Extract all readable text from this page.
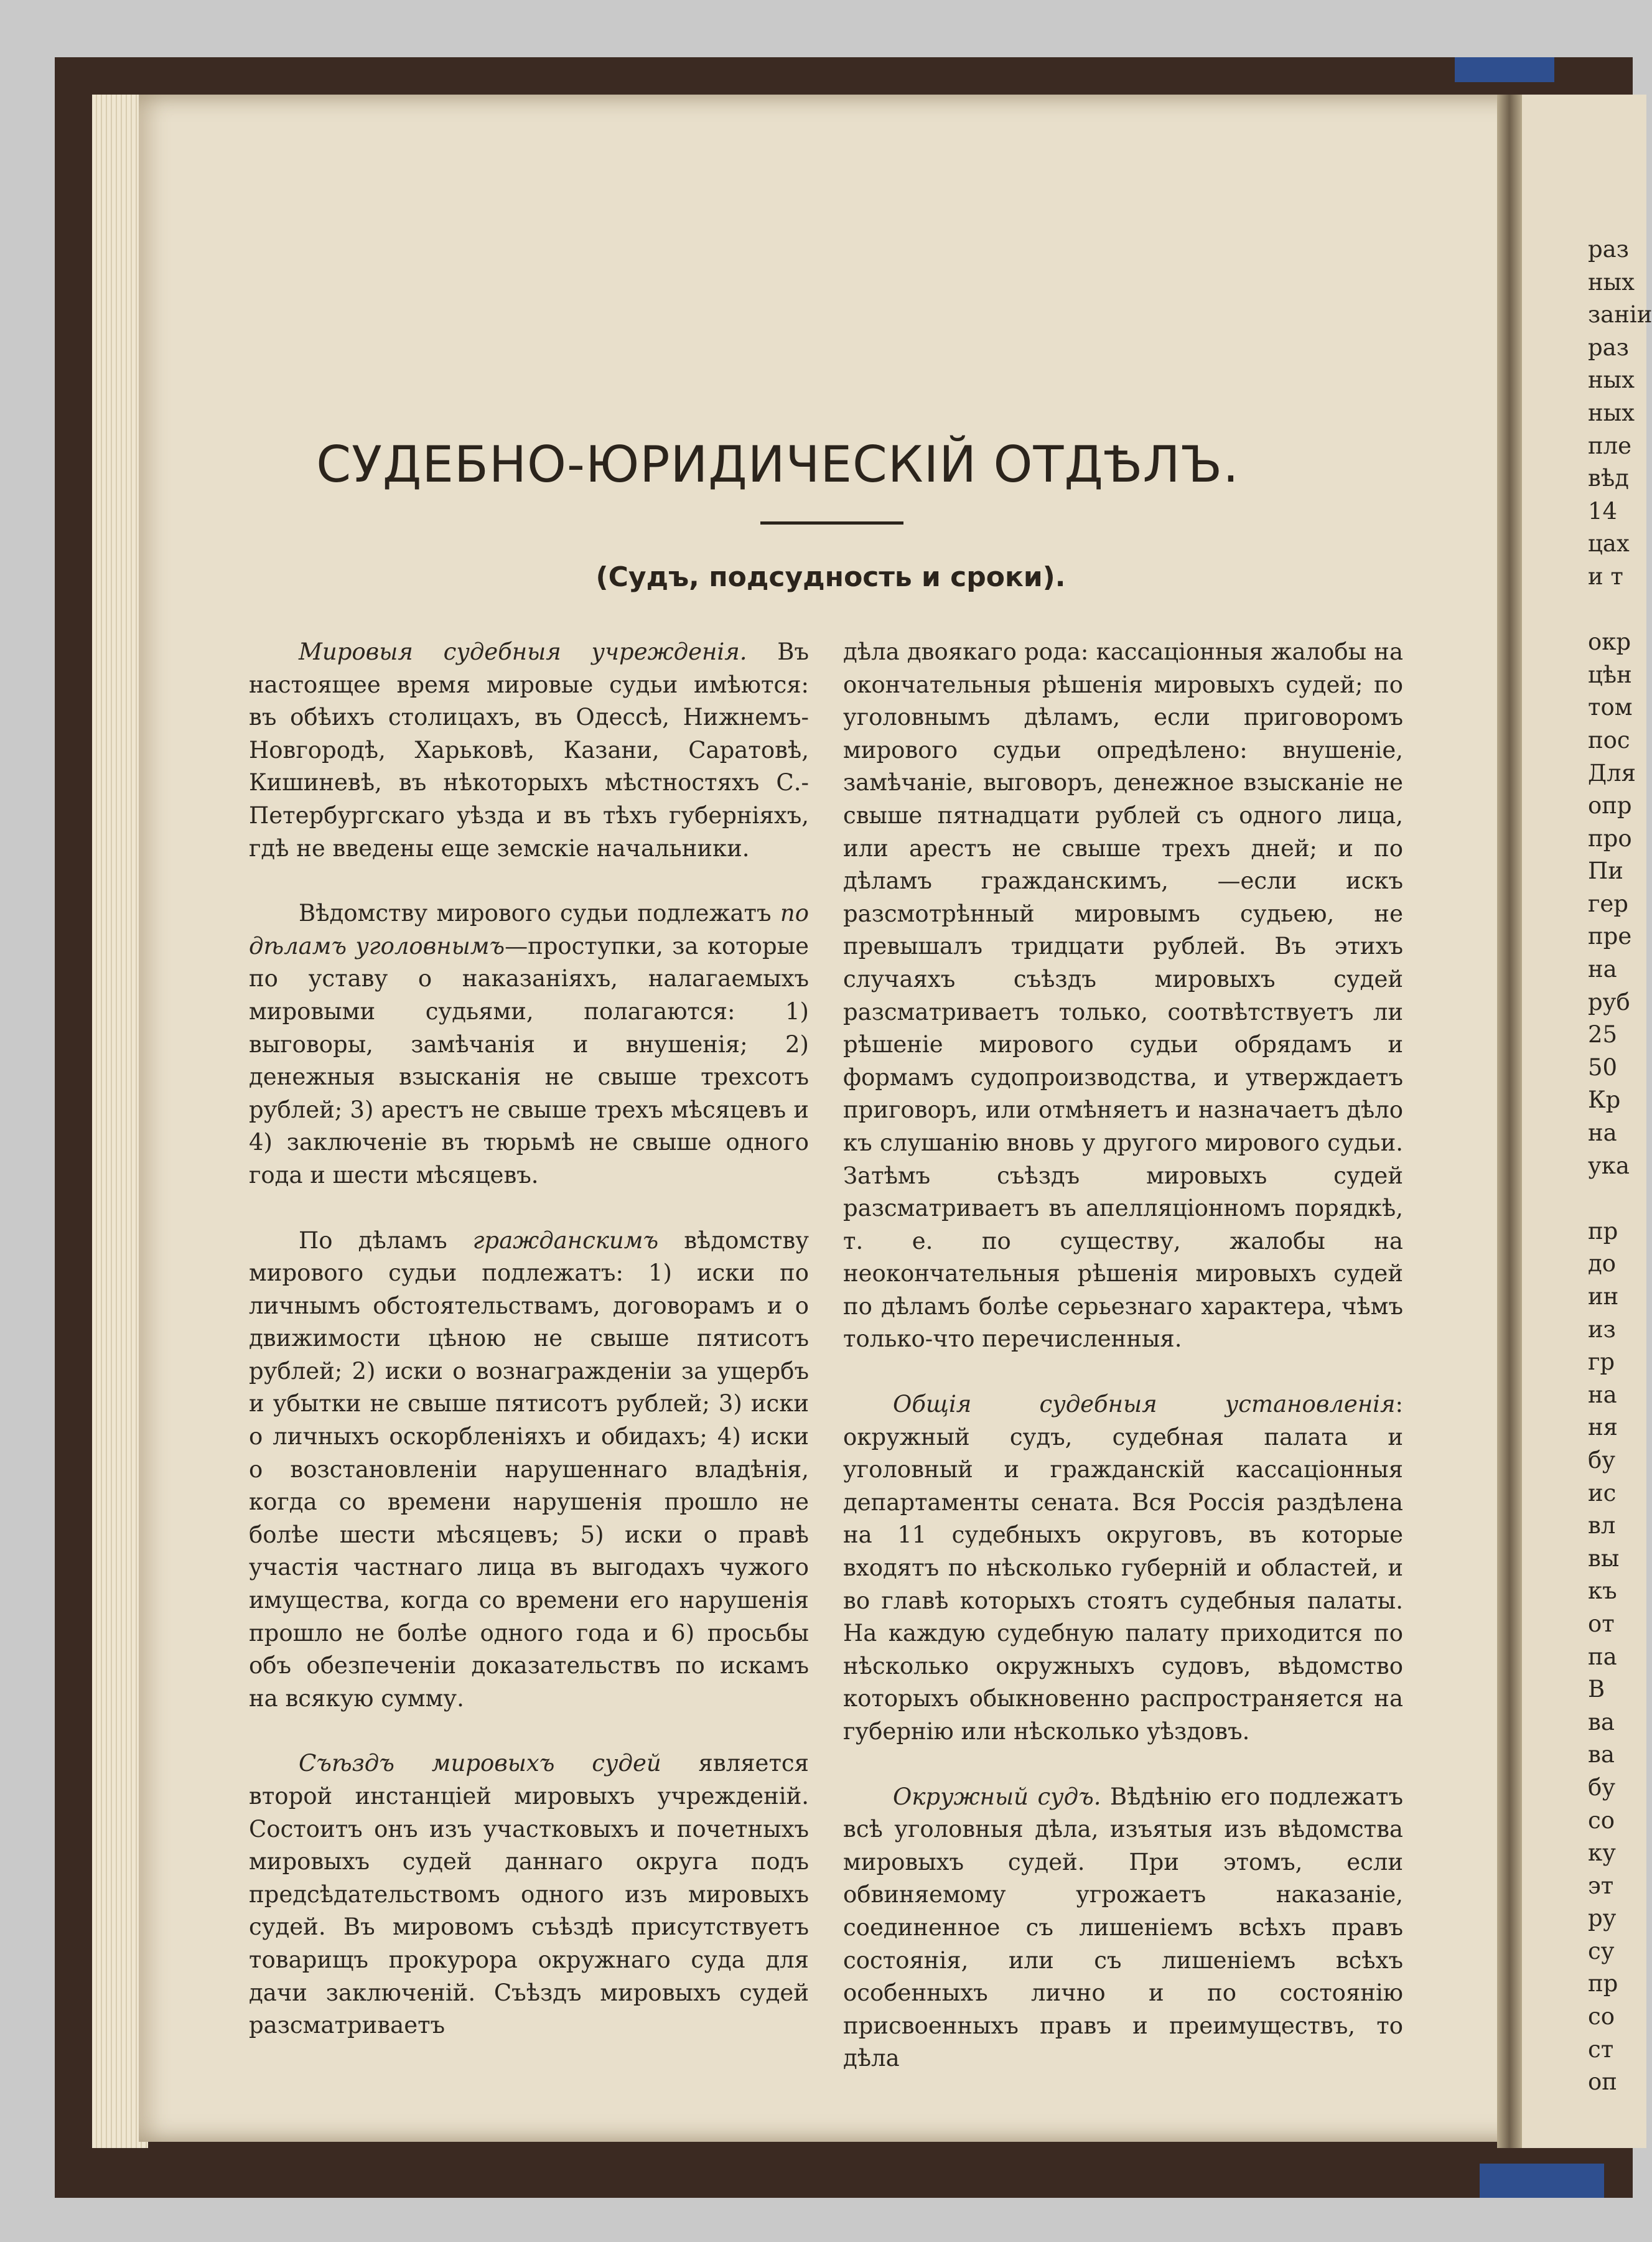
СУДЕБНО-ЮРИДИЧЕСКІЙ ОТДѢЛЪ.
(Судъ, подсудность и сроки).

Мировыя судебныя учрежденія. Въ настоящее время мировые судьи имѣются: въ обѣихъ столицахъ, въ Одессѣ, Нижнемъ-Новгородѣ, Харьковѣ, Казани, Саратовѣ, Кишиневѣ, въ нѣкоторыхъ мѣстностяхъ С.-Петербургскаго уѣзда и въ тѣхъ губерніяхъ, гдѣ не введены еще земскіе начальники.

Вѣдомству мирового судьи подлежатъ по дѣламъ уголовнымъ—проступки, за которые по уставу о наказаніяхъ, налагаемыхъ мировыми судьями, полагаются: 1) выговоры, замѣчанія и внушенія; 2) денежныя взысканія не свыше трехсотъ рублей; 3) арестъ не свыше трехъ мѣсяцевъ и 4) заключеніе въ тюрьмѣ не свыше одного года и шести мѣсяцевъ.

По дѣламъ гражданскимъ вѣдомству мирового судьи подлежатъ: 1) иски по личнымъ обстоятельствамъ, договорамъ и о движимости цѣною не свыше пятисотъ рублей; 2) иски о вознагражденіи за ущербъ и убытки не свыше пятисотъ рублей; 3) иски о личныхъ оскорбленіяхъ и обидахъ; 4) иски о возстановленіи нарушеннаго владѣнія, когда со времени нарушенія прошло не болѣе шести мѣсяцевъ; 5) иски о правѣ участія частнаго лица въ выгодахъ чужого имущества, когда со времени его нарушенія прошло не болѣе одного года и 6) просьбы объ обезпеченіи доказательствъ по искамъ на всякую сумму.

Съѣздъ мировыхъ судей является второй инстанціей мировыхъ учрежденій. Состоитъ онъ изъ участковыхъ и почетныхъ мировыхъ судей даннаго округа подъ предсѣдательствомъ одного изъ мировыхъ судей. Въ мировомъ съѣздѣ присутствуетъ товарищъ прокурора окружнаго суда для дачи заключеній. Съѣздъ мировыхъ судей разсматриваетъ

дѣла двоякаго рода: кассаціонныя жалобы на окончательныя рѣшенія мировыхъ судей; по уголовнымъ дѣламъ, если приговоромъ мирового судьи опредѣлено: внушеніе, замѣчаніе, выговоръ, денежное взысканіе не свыше пятнадцати рублей съ одного лица, или арестъ не свыше трехъ дней; и по дѣламъ гражданскимъ, —если искъ разсмотрѣнный мировымъ судьею, не превышалъ тридцати рублей. Въ этихъ случаяхъ съѣздъ мировыхъ судей разсматриваетъ только, соотвѣтствуетъ ли рѣшеніе мирового судьи обрядамъ и формамъ судопроизводства, и утверждаетъ приговоръ, или отмѣняетъ и назначаетъ дѣло къ слушанію вновь у другого мирового судьи. Затѣмъ съѣздъ мировыхъ судей разсматриваетъ въ апелляціонномъ порядкѣ, т. е. по существу, жалобы на неокончательныя рѣшенія мировыхъ судей по дѣламъ болѣе серьезнаго характера, чѣмъ только-что перечисленныя.

Общія судебныя установленія: окружный судъ, судебная палата и уголовный и гражданскій кассаціонныя департаменты сената. Вся Россія раздѣлена на 11 судебныхъ округовъ, въ которые входятъ по нѣсколько губерній и областей, и во главѣ которыхъ стоятъ судебныя палаты. На каждую судебную палату приходится по нѣсколько окружныхъ судовъ, вѣдомство которыхъ обыкновенно распространяется на губернію или нѣсколько уѣздовъ.

Окружный судъ. Вѣдѣнію его подлежатъ всѣ уголовныя дѣла, изъятыя изъ вѣдомства мировыхъ судей. При этомъ, если обвиняемому угрожаетъ наказаніе, соединенное съ лишеніемъ всѣхъ правъ состоянія, или съ лишеніемъ всѣхъ особенныхъ лично и по состоянію присвоенныхъ правъ и преимуществъ, то дѣла

раз
ных
заніи
раз
ных
ных
пле
вѣд
14
цах
и т
окр
цѣн
том
пос
Для
опр
про
Пи
гер
пре
на
руб
25
50
Кр
на
ука
пр
до
ин
из
гр
на
ня
бу
ис
вл
вы
къ
от
па
В
ва
ва
бу
со
ку
эт
ру
су
пр
со
ст
оп
